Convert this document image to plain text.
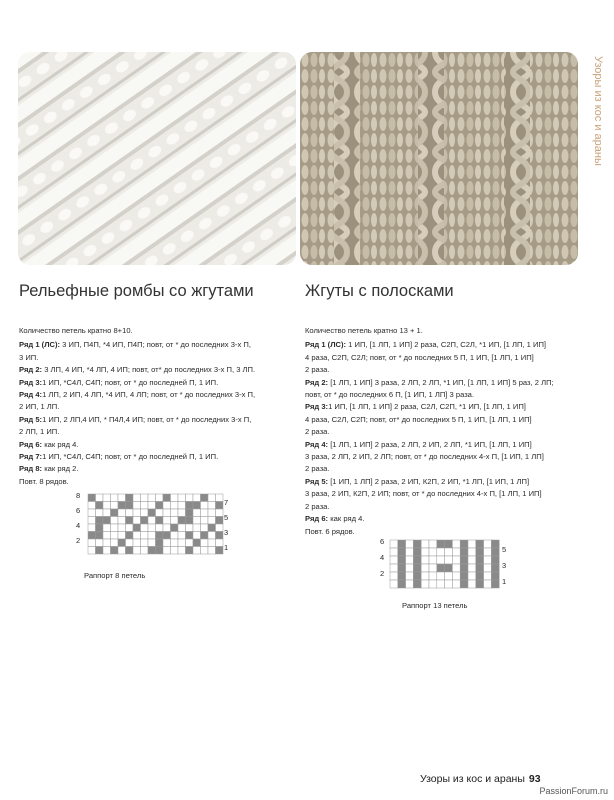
Узоры из кос и араны
Рельефные ромбы со жгутами

Количество петель кратно 8+10.

Ряд 1 (ЛС): 3 ИП, П4П, *4 ИП, П4П; повт, от * до последних 3-х П,

3 ИП.

Ряд 2: 3 ЛП, 4 ИП, *4 ЛП, 4 ИП; повт, от* до последних 3-х П, 3 ЛП.

Ряд 3:1 ИП, *С4Л, С4П; повт, от * до последней П, 1 ИП.

Ряд 4:1 ЛП, 2 ИП, 4 ЛП, *4 ИП, 4 ЛП; повт, от * до последних 3-х П,

2 ИП, 1 ЛП.

Ряд 5:1 ИП, 2 ЛП,4 ИП, * П4Л,4 ИП; повт, от * до последних 3-х П,

2 ЛП, 1 ИП.

Ряд 6: как ряд 4.

Ряд 7:1 ИП, *С4Л, С4П; повт, от * до последней П, 1 ИП.

Ряд 8: как ряд 2.

Повт. 8 рядов.

8
6
4
2
7
5
3
1
Раппорт 8 петель
Жгуты с полосками

Количество петель кратно 13 + 1.

Ряд 1 (ЛС): 1 ИП, [1 ЛП, 1 ИП] 2 раза, С2П, С2Л, *1 ИП, [1 ЛП, 1 ИП]

4 раза, С2П, С2Л; повт, от * до последних 5 П, 1 ИП, [1 ЛП, 1 ИП]

2 раза.

Ряд 2: [1 ЛП, 1 ИП] 3 раза, 2 ЛП, 2 ЛП, *1 ИП, [1 ЛП, 1 ИП] 5 раз, 2 ЛП;

повт, от * до последних 6 П, [1 ИП, 1 ЛП] 3 раза.

Ряд 3:1 ИП, [1 ЛП, 1 ИП] 2 раза, С2Л, С2П, *1 ИП, [1 ЛП, 1 ИП]

4 раза, С2Л, С2П; повт, от* до последних 5 П, 1 ИП, [1 ЛП, 1 ИП]

2 раза.

Ряд 4: [1 ЛП, 1 ИП] 2 раза, 2 ЛП, 2 ИП, 2 ЛП, *1 ИП, [1 ЛП, 1 ИП]

3 раза, 2 ЛП, 2 ИП, 2 ЛП; повт, от * до последних 4-х П, [1 ИП, 1 ЛП]

2 раза.

Ряд 5: [1 ИП, 1 ЛП] 2 раза, 2 ИП, К2П, 2 ИП, *1 ЛП, [1 ИП, 1 ЛП]

3 раза, 2 ИП, К2П, 2 ИП; повт, от * до последних 4-х П, [1 ЛП, 1 ИП]

2 раза.

Ряд 6: как ряд 4.

Повт. 6 рядов.

6
4
2
5
3
1
Раппорт 13 петель
Узоры из кос и араны 93
PassionForum.ru
